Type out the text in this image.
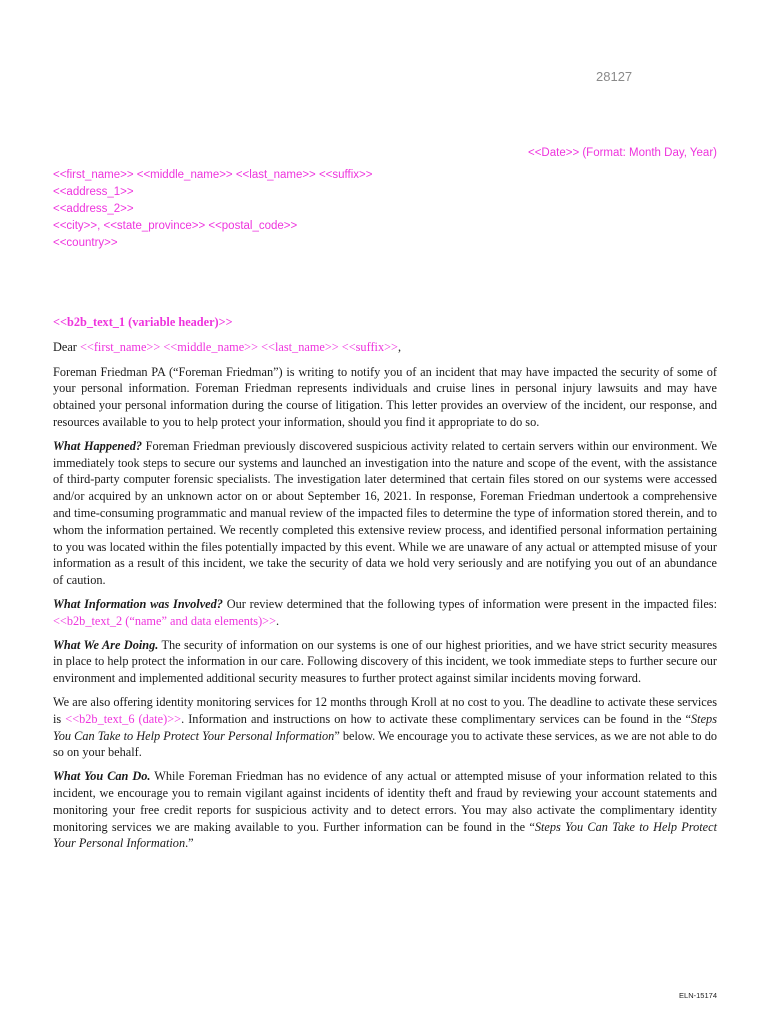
28127
<<Date>> (Format: Month Day, Year)
<<first_name>> <<middle_name>> <<last_name>> <<suffix>>
<<address_1>>
<<address_2>>
<<city>>, <<state_province>> <<postal_code>>
<<country>>

<<b2b_text_1 (variable header)>>

Dear <<first_name>> <<middle_name>> <<last_name>> <<suffix>>,

Foreman Friedman PA (“Foreman Friedman”) is writing to notify you of an incident that may have impacted the security of some of your personal information. Foreman Friedman represents individuals and cruise lines in personal injury lawsuits and may have obtained your personal information during the course of litigation. This letter provides an overview of the incident, our response, and resources available to you to help protect your information, should you find it appropriate to do so.

What Happened? Foreman Friedman previously discovered suspicious activity related to certain servers within our environment. We immediately took steps to secure our systems and launched an investigation into the nature and scope of the event, with the assistance of third-party computer forensic specialists. The investigation later determined that certain files stored on our systems were accessed and/or acquired by an unknown actor on or about September 16, 2021. In response, Foreman Friedman undertook a comprehensive and time-consuming programmatic and manual review of the impacted files to determine the type of information stored therein, and to whom the information pertained. We recently completed this extensive review process, and identified personal information pertaining to you was located within the files potentially impacted by this event. While we are unaware of any actual or attempted misuse of your information as a result of this incident, we take the security of data we hold very seriously and are notifying you out of an abundance of caution.

What Information was Involved? Our review determined that the following types of information were present in the impacted files: <<b2b_text_2 (“name” and data elements)>>.

What We Are Doing. The security of information on our systems is one of our highest priorities, and we have strict security measures in place to help protect the information in our care. Following discovery of this incident, we took immediate steps to further secure our environment and implemented additional security measures to further protect against similar incidents moving forward.

We are also offering identity monitoring services for 12 months through Kroll at no cost to you. The deadline to activate these services is <<b2b_text_6 (date)>>. Information and instructions on how to activate these complimentary services can be found in the “Steps You Can Take to Help Protect Your Personal Information” below. We encourage you to activate these services, as we are not able to do so on your behalf.

What You Can Do. While Foreman Friedman has no evidence of any actual or attempted misuse of your information related to this incident, we encourage you to remain vigilant against incidents of identity theft and fraud by reviewing your account statements and monitoring your free credit reports for suspicious activity and to detect errors. You may also activate the complimentary identity monitoring services we are making available to you. Further information can be found in the “Steps You Can Take to Help Protect Your Personal Information.”

ELN-15174
